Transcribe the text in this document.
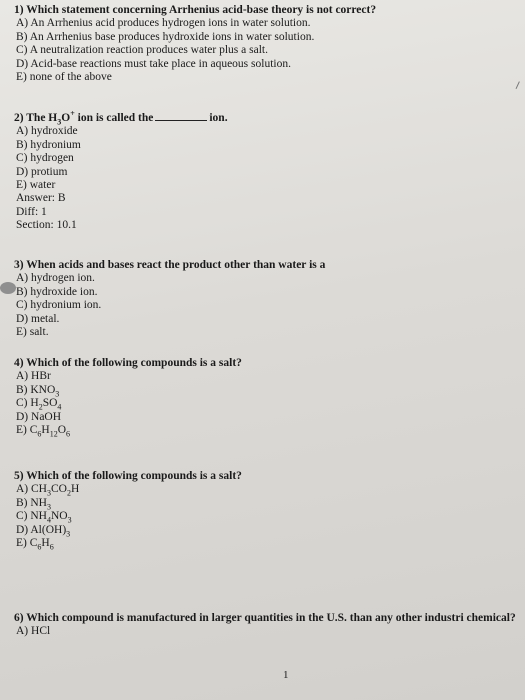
1) Which statement concerning Arrhenius acid-base theory is not correct?
A) An Arrhenius acid produces hydrogen ions in water solution.
B) An Arrhenius base produces hydroxide ions in water solution.
C) A neutralization reaction produces water plus a salt.
D) Acid-base reactions must take place in aqueous solution.
E) none of the above
2) The $H_3O^+$ ion is called the	ion.
A) hydroxide
B) hydronium
C) hydrogen
D) protium
E) water
Answer: B
Diff: 1
Section: 10.1
3) When acids and bases react the product other than water is a
A) hydrogen ion.
B) hydroxide ion.
C) hydronium ion.
D) metal.
E) salt.
4) Which of the following compounds is a salt?
A) HBr
B) $KNO_3$
C) $H_2SO_4$
D) NaOH
E) $C_6H_{12}O_6$
5) Which of the following compounds is a salt?
A) $CH_3CO_2H$
B) $NH_3$
C) $NH_4NO_3$
D) $Al(OH)_3$
E) $C_6H_6$
6) Which compound is manufactured in larger quantities in the U.S. than any other industri chemical?
A) HCl
1
